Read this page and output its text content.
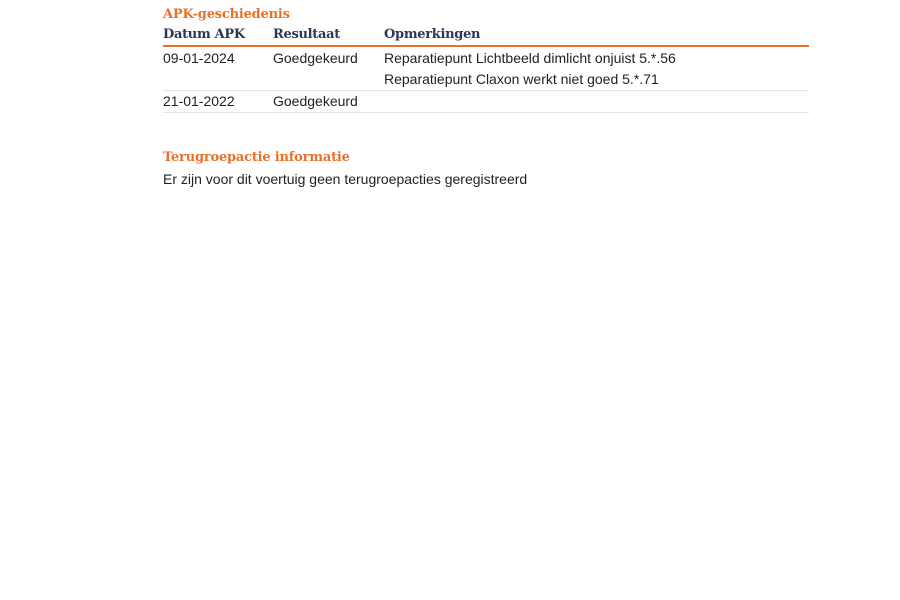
APK-geschiedenis
Datum APK	Resultaat	Opmerkingen
09-01-2024	Goedgekeurd	Reparatiepunt Lichtbeeld dimlicht onjuist 5.*.56
Reparatiepunt Claxon werkt niet goed 5.*.71

21-01-2022	Goedgekeurd	
Terugroepactie informatie

Er zijn voor dit voertuig geen terugroepacties geregistreerd
